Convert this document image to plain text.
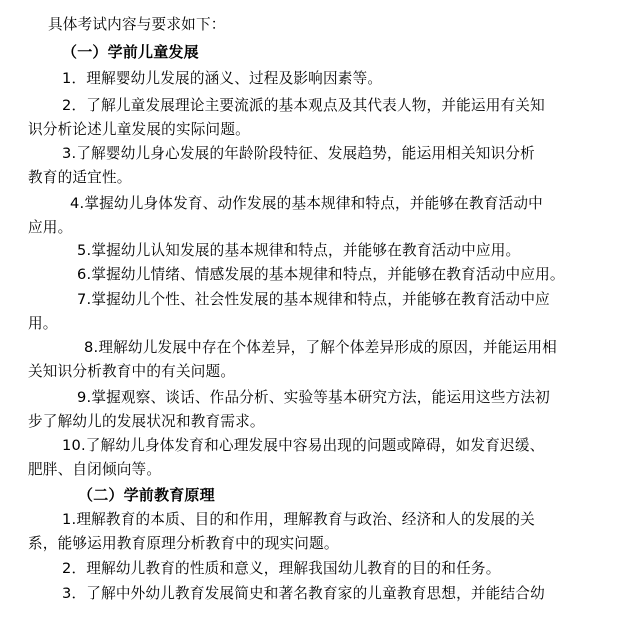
具体考试内容与要求如下：
（一）学前儿童发展
1．理解婴幼儿发展的涵义、过程及影响因素等。
2．了解儿童发展理论主要流派的基本观点及其代表人物，并能运用有关知
识分析论述儿童发展的实际问题。
3.了解婴幼儿身心发展的年龄阶段特征、发展趋势，能运用相关知识分析
教育的适宜性。
4.掌握幼儿身体发育、动作发展的基本规律和特点，并能够在教育活动中
应用。
5.掌握幼儿认知发展的基本规律和特点，并能够在教育活动中应用。
6.掌握幼儿情绪、情感发展的基本规律和特点，并能够在教育活动中应用。
7.掌握幼儿个性、社会性发展的基本规律和特点，并能够在教育活动中应
用。
8.理解幼儿发展中存在个体差异，了解个体差异形成的原因，并能运用相
关知识分析教育中的有关问题。
9.掌握观察、谈话、作品分析、实验等基本研究方法，能运用这些方法初
步了解幼儿的发展状况和教育需求。
10.了解幼儿身体发育和心理发展中容易出现的问题或障碍，如发育迟缓、
肥胖、自闭倾向等。
（二）学前教育原理
1.理解教育的本质、目的和作用，理解教育与政治、经济和人的发展的关
系，能够运用教育原理分析教育中的现实问题。
2．理解幼儿教育的性质和意义，理解我国幼儿教育的目的和任务。
3．了解中外幼儿教育发展简史和著名教育家的儿童教育思想，并能结合幼
